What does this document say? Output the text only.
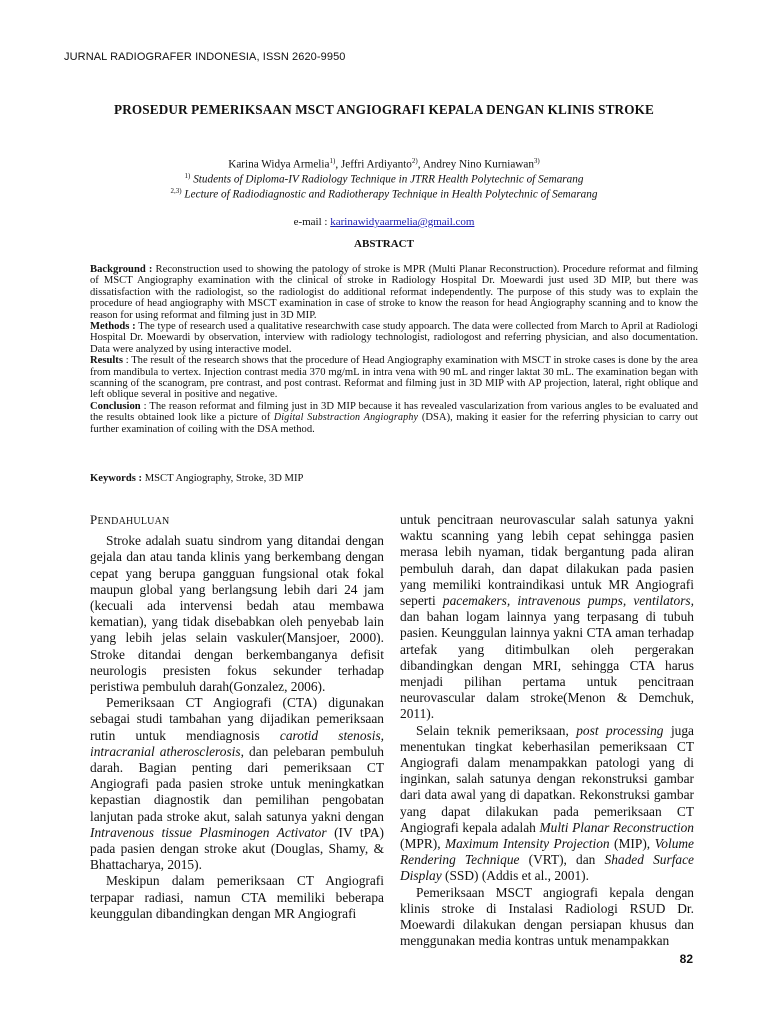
JURNAL RADIOGRAFER INDONESIA, ISSN 2620-9950
PROSEDUR PEMERIKSAAN MSCT ANGIOGRAFI KEPALA DENGAN KLINIS STROKE
Karina Widya Armelia$^{1)}$, Jeffri Ardiyanto$^{2)}$, Andrey Nino Kurniawan$^{3)}$
$^{1)}$ Students of Diploma-IV Radiology Technique in JTRR Health Polytechnic of Semarang
$^{2,3)}$ Lecture of Radiodiagnostic and Radiotherapy Technique in Health Polytechnic of Semarang
e-mail : karinawidyaarmelia@gmail.com
ABSTRACT

Background : Reconstruction used to showing the patology of stroke is MPR (Multi Planar Reconstruction). Procedure reformat and filming of MSCT Angiography examination with the clinical of stroke in Radiology Hospital Dr. Moewardi just used 3D MIP, but there was dissatisfaction with the radiologist, so the radiologist do additional reformat independently. The purpose of this study was to explain the procedure of head angiography with MSCT examination in case of stroke to know the reason for head Angiography scanning and to know the reason for using reformat and filming just in 3D MIP.

Methods : The type of research used a qualitative researchwith case study appoarch. The data were collected from March to April at Radiologi Hospital Dr. Moewardi by observation, interview with radiology technologist, radiologost and referring physician, and also documentation. Data were analyzed by using interactive model.

Results : The result of the research shows that the procedure of Head Angiography examination with MSCT in stroke cases is done by the area from mandibula to vertex. Injection contrast media 370 mg/mL in intra vena with 90 mL and ringer laktat 30 mL. The examination began with scanning of the scanogram, pre contrast, and post contrast. Reformat and filming just in 3D MIP with AP projection, lateral, right oblique and left oblique several in positive and negative.

Conclusion : The reason reformat and filming just in 3D MIP because it has revealed vascularization from various angles to be evaluated and the results obtained look like a picture of Digital Substraction Angiography (DSA), making it easier for the referring physician to carry out further examination of coiling with the DSA method.

Keywords : MSCT Angiography, Stroke, 3D MIP
PENDAHULUAN

Stroke adalah suatu sindrom yang ditandai dengan gejala dan atau tanda klinis yang berkembang dengan cepat yang berupa gangguan fungsional otak fokal maupun global yang berlangsung lebih dari 24 jam (kecuali ada intervensi bedah atau membawa kematian), yang tidak disebabkan oleh penyebab lain yang lebih jelas selain vaskuler(Mansjoer, 2000). Stroke ditandai dengan berkembanganya defisit neurologis presisten fokus sekunder terhadap peristiwa pembuluh darah(Gonzalez, 2006).

Pemeriksaan CT Angiografi (CTA) digunakan sebagai studi tambahan yang dijadikan pemeriksaan rutin untuk mendiagnosis carotid stenosis, intracranial atherosclerosis, dan pelebaran pembuluh darah. Bagian penting dari pemeriksaan CT Angiografi pada pasien stroke untuk meningkatkan kepastian diagnostik dan pemilihan pengobatan lanjutan pada stroke akut, salah satunya yakni dengan Intravenous tissue Plasminogen Activator (IV tPA) pada pasien dengan stroke akut (Douglas, Shamy, & Bhattacharya, 2015).

Meskipun dalam pemeriksaan CT Angiografi terpapar radiasi, namun CTA memiliki beberapa keunggulan dibandingkan dengan MR Angiografi

untuk pencitraan neurovascular salah satunya yakni waktu scanning yang lebih cepat sehingga pasien merasa lebih nyaman, tidak bergantung pada aliran pembuluh darah, dan dapat dilakukan pada pasien yang memiliki kontraindikasi untuk MR Angiografi seperti pacemakers, intravenous pumps, ventilators, dan bahan logam lainnya yang terpasang di tubuh pasien. Keunggulan lainnya yakni CTA aman terhadap artefak yang ditimbulkan oleh pergerakan dibandingkan dengan MRI, sehingga CTA harus menjadi pilihan pertama untuk pencitraan neurovascular dalam stroke(Menon & Demchuk, 2011).

Selain teknik pemeriksaan, post processing juga menentukan tingkat keberhasilan pemeriksaan CT Angiografi dalam menampakkan patologi yang di inginkan, salah satunya dengan rekonstruksi gambar dari data awal yang di dapatkan. Rekonstruksi gambar yang dapat dilakukan pada pemeriksaan CT Angiografi kepala adalah Multi Planar Reconstruction (MPR), Maximum Intensity Projection (MIP), Volume Rendering Technique (VRT), dan Shaded Surface Display (SSD) (Addis et al., 2001).

Pemeriksaan MSCT angiografi kepala dengan klinis stroke di Instalasi Radiologi RSUD Dr. Moewardi dilakukan dengan persiapan khusus dan menggunakan media kontras untuk menampakkan

82
